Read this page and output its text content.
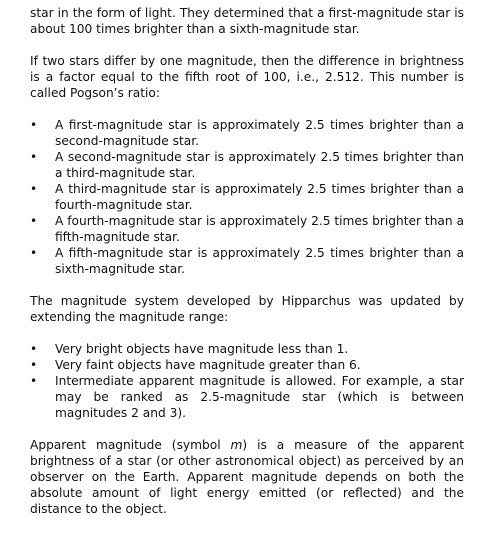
star in the form of light. They determined that a first-magnitude star is about 100 times brighter than a sixth-magnitude star.

If two stars differ by one magnitude, then the difference in brightness is a factor equal to the fifth root of 100, i.e., 2.512. This number is called Pogson’s ratio:

•	A first-magnitude star is approximately 2.5 times brighter than a second-magnitude star.
•	A second-magnitude star is approximately 2.5 times brighter than a third-magnitude star.
•	A third-magnitude star is approximately 2.5 times brighter than a fourth-magnitude star.
•	A fourth-magnitude star is approximately 2.5 times brighter than a fifth-magnitude star.
•	A fifth-magnitude star is approximately 2.5 times brighter than a sixth-magnitude star.

The magnitude system developed by Hipparchus was updated by extending the magnitude range:

•	Very bright objects have magnitude less than 1.
•	Very faint objects have magnitude greater than 6.
•	Intermediate apparent magnitude is allowed. For example, a star may be ranked as 2.5-magnitude star (which is between magnitudes 2 and 3).

Apparent magnitude (symbol m) is a measure of the apparent brightness of a star (or other astronomical object) as perceived by an observer on the Earth. Apparent magnitude depends on both the absolute amount of light energy emitted (or reflected) and the distance to the object.
